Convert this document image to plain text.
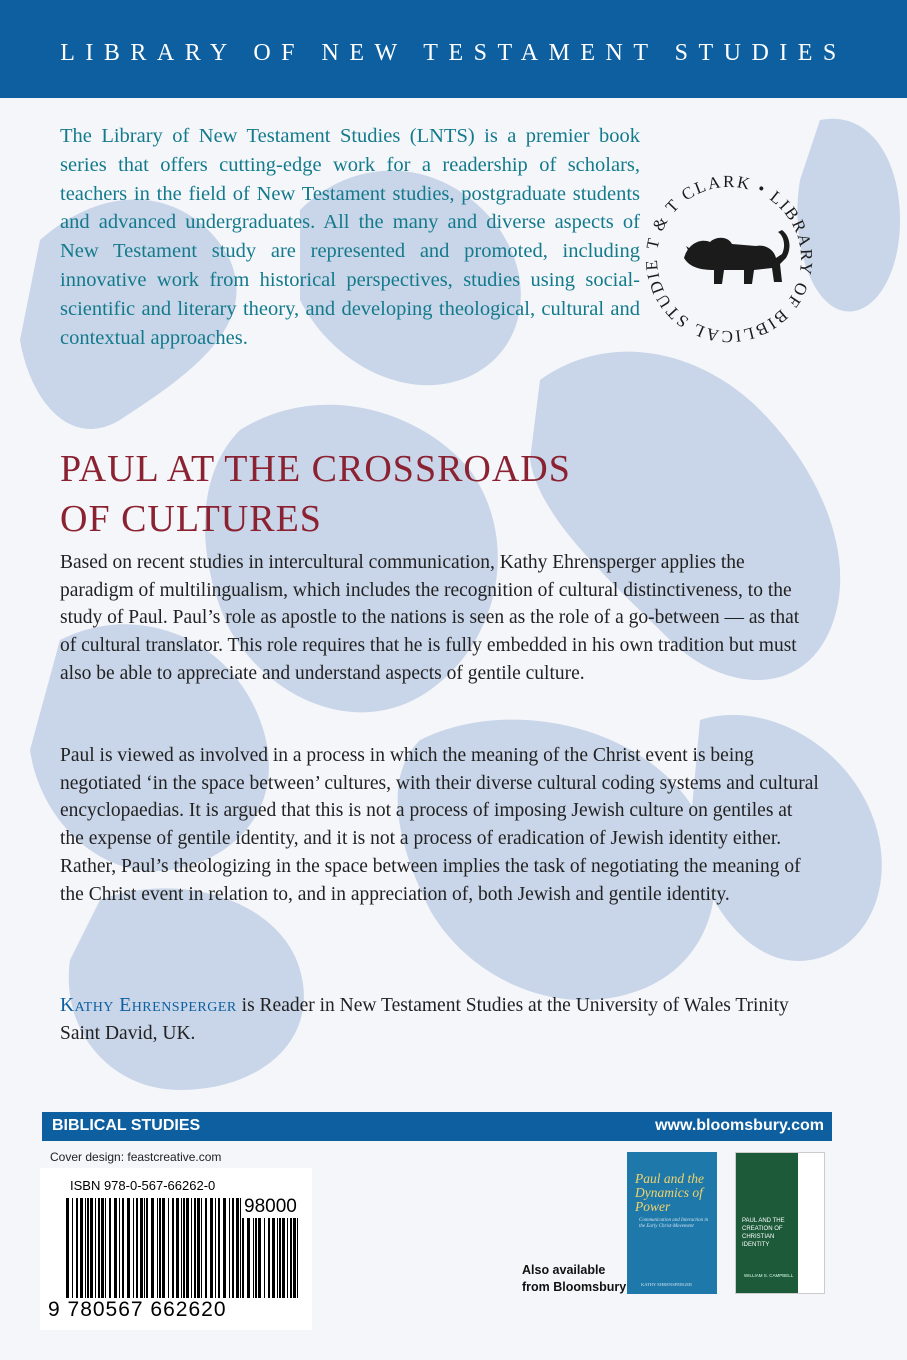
LIBRARY OF NEW TESTAMENT STUDIES

The Library of New Testament Studies (LNTS) is a premier book series that offers cutting-edge work for a readership of scholars, teachers in the field of New Testament studies, postgraduate students and advanced undergraduates. All the many and diverse aspects of New Testament study are represented and promoted, including innovative work from historical perspectives, studies using social-scientific and literary theory, and developing theological, cultural and contextual approaches.

T & T CLARK • LIBRARY OF BIBLICAL STUDIE
PAUL AT THE CROSSROADS
OF CULTURES

Based on recent studies in intercultural communication, Kathy Ehrensperger applies the paradigm of multilingualism, which includes the recognition of cultural distinctiveness, to the study of Paul. Paul’s role as apostle to the nations is seen as the role of a go-between — as that of cultural translator. This role requires that he is fully embedded in his own tradition but must also be able to appreciate and understand aspects of gentile culture.

Paul is viewed as involved in a process in which the meaning of the Christ event is being negotiated ‘in the space between’ cultures, with their diverse cultural coding systems and cultural encyclopaedias. It is argued that this is not a process of imposing Jewish culture on gentiles at the expense of gentile identity, and it is not a process of eradication of Jewish identity either. Rather, Paul’s theologizing in the space between implies the task of negotiating the meaning of the Christ event in relation to, and in appreciation of, both Jewish and gentile identity.

Kathy Ehrensperger is Reader in New Testament Studies at the University of Wales Trinity Saint David, UK.

BIBLICAL STUDIES	www.bloomsbury.com
Cover design: feastcreative.com
ISBN 978-0-567-66262-0
98000
9 780567 662620
Also available from Bloomsbury
Paul and the Dynamics of Power
Communication and Interaction in the Early Christ-Movement
KATHY EHRENSPERGER
PAUL AND THE CREATION OF CHRISTIAN IDENTITY
WILLIAM S. CAMPBELL
